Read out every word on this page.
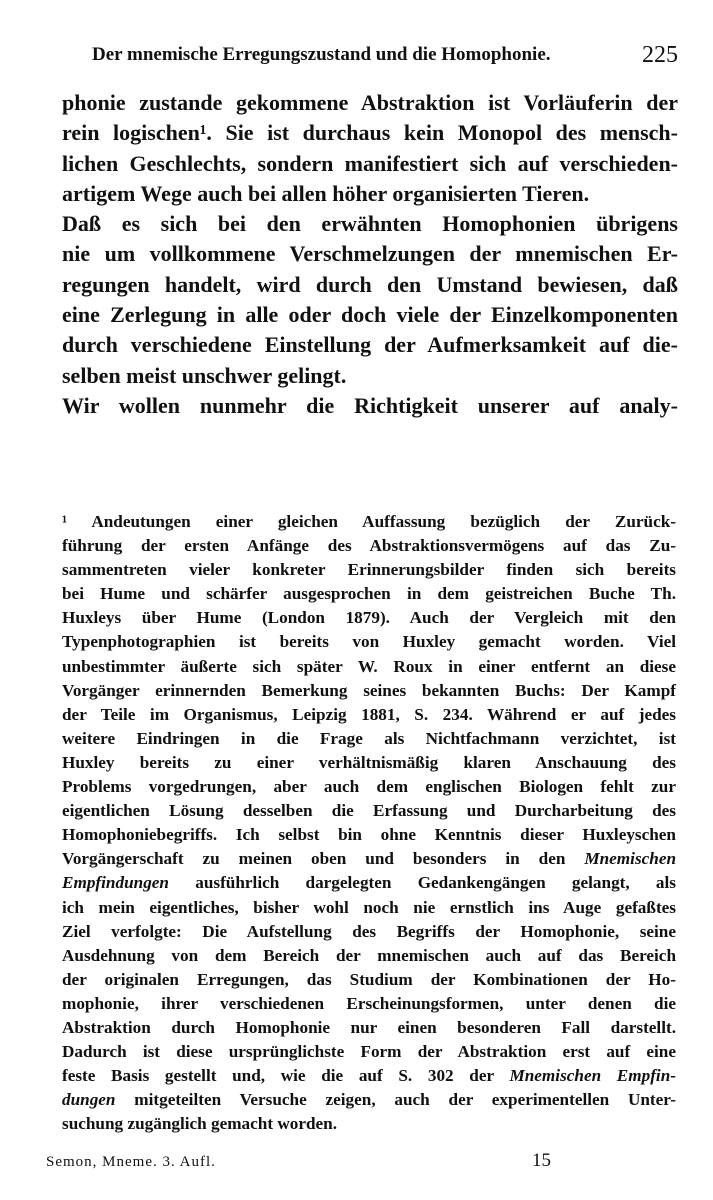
Der mnemische Erregungszustand und die Homophonie.	225
phonie zustande gekommene Abstraktion ist Vorläuferin der
rein logischen¹. Sie ist durchaus kein Monopol des mensch-
lichen Geschlechts, sondern manifestiert sich auf verschieden-
artigem Wege auch bei allen höher organisierten Tieren.
Daß es sich bei den erwähnten Homophonien übrigens
nie um vollkommene Verschmelzungen der mnemischen Er-
regungen handelt, wird durch den Umstand bewiesen, daß
eine Zerlegung in alle oder doch viele der Einzelkomponenten
durch verschiedene Einstellung der Aufmerksamkeit auf die-
selben meist unschwer gelingt.
Wir wollen nunmehr die Richtigkeit unserer auf analy-
¹ Andeutungen einer gleichen Auffassung bezüglich der Zurück-
führung der ersten Anfänge des Abstraktionsvermögens auf das Zu-
sammentreten vieler konkreter Erinnerungsbilder finden sich bereits
bei Hume und schärfer ausgesprochen in dem geistreichen Buche Th.
Huxleys über Hume (London 1879). Auch der Vergleich mit den
Typenphotographien ist bereits von Huxley gemacht worden. Viel
unbestimmter äußerte sich später W. Roux in einer entfernt an diese
Vorgänger erinnernden Bemerkung seines bekannten Buchs: Der Kampf
der Teile im Organismus, Leipzig 1881, S. 234. Während er auf jedes
weitere Eindringen in die Frage als Nichtfachmann verzichtet, ist
Huxley bereits zu einer verhältnismäßig klaren Anschauung des
Problems vorgedrungen, aber auch dem englischen Biologen fehlt zur
eigentlichen Lösung desselben die Erfassung und Durcharbeitung des
Homophoniebegriffs. Ich selbst bin ohne Kenntnis dieser Huxleyschen
Vorgängerschaft zu meinen oben und besonders in den Mnemischen
Empfindungen ausführlich dargelegten Gedankengängen gelangt, als
ich mein eigentliches, bisher wohl noch nie ernstlich ins Auge gefaßtes
Ziel verfolgte: Die Aufstellung des Begriffs der Homophonie, seine
Ausdehnung von dem Bereich der mnemischen auch auf das Bereich
der originalen Erregungen, das Studium der Kombinationen der Ho-
mophonie, ihrer verschiedenen Erscheinungsformen, unter denen die
Abstraktion durch Homophonie nur einen besonderen Fall darstellt.
Dadurch ist diese ursprünglichste Form der Abstraktion erst auf eine
feste Basis gestellt und, wie die auf S. 302 der Mnemischen Empfin-
dungen mitgeteilten Versuche zeigen, auch der experimentellen Unter-
suchung zugänglich gemacht worden.
Semon, Mneme. 3. Aufl.	15
